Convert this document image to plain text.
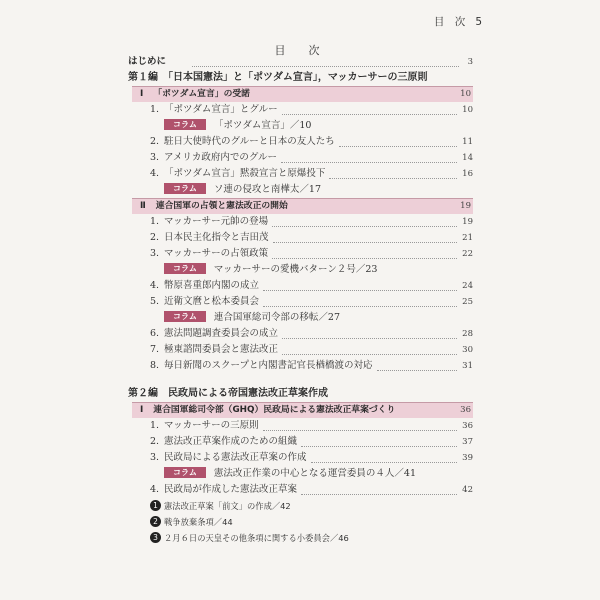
目　次 5
目　次
はじめに	3
第１編　「日本国憲法」と「ポツダム宣言」，マッカーサーの三原則
Ⅰ 「ポツダム宣言」の受諾	10
1. 「ポツダム宣言」とグルー	10
コラム 「ポツダム宣言」／10
2. 駐日大使時代のグルーと日本の友人たち	11
3. アメリカ政府内でのグルー	14
4. 「ポツダム宣言」黙殺宣言と原爆投下	16
コラム ソ連の侵攻と南樺太／17
Ⅱ 連合国軍の占領と憲法改正の開始	19
1. マッカーサー元帥の登場	19
2. 日本民主化指令と吉田茂	21
3. マッカーサーの占領政策	22
コラム マッカーサーの愛機バターン２号／23
4. 幣原喜重郎内閣の成立	24
5. 近衛文麿と松本委員会	25
コラム 連合国軍総司令部の移転／27
6. 憲法問題調査委員会の成立	28
7. 極東諮問委員会と憲法改正	30
8. 毎日新聞のスクープと内閣書記官長楢橋渡の対応	31
第２編　民政局による帝国憲法改正草案作成
Ⅰ 連合国軍総司令部（GHQ）民政局による憲法改正草案づくり	36
1. マッカーサーの三原則	36
2. 憲法改正草案作成のための組織	37
3. 民政局による憲法改正草案の作成	39
コラム 憲法改正作業の中心となる運営委員の４人／41
4. 民政局が作成した憲法改正草案	42
1 憲法改正草案「前文」の作成／42
2 戦争放棄条項／44
3 ２月６日の天皇その他条項に関する小委員会／46
